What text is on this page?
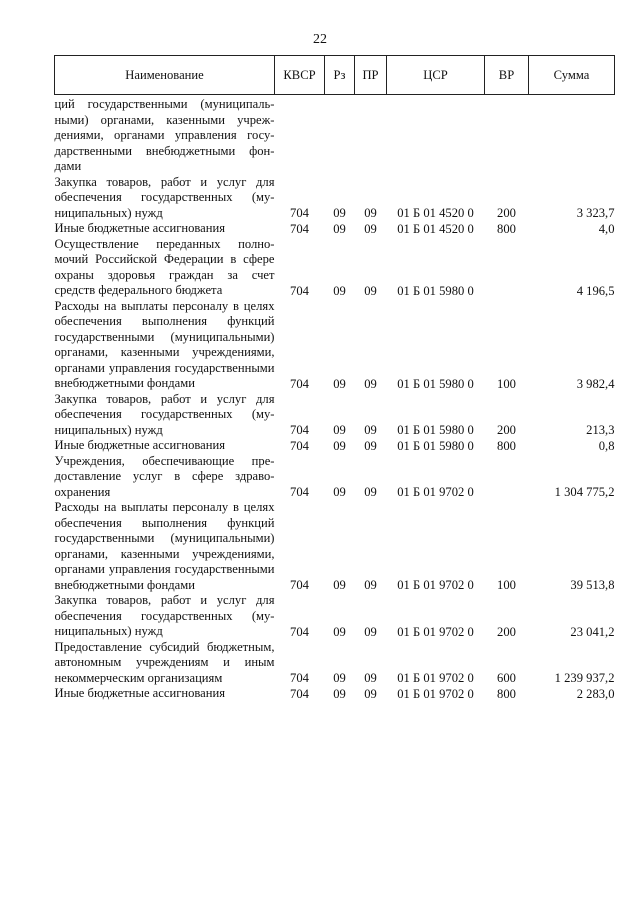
22
Наименование	КВСР	Рз	ПР	ЦСР	ВР	Сумма
ций государственными (муниципальными) органами, казенными учреждениями, органами управления государственными внебюджетными фондами						
Закупка товаров, работ и услуг для обеспечения государственных (муниципальных) нужд	704	09	09	01 Б 01 4520 0	200	3 323,7
Иные бюджетные ассигнования	704	09	09	01 Б 01 4520 0	800	4,0
Осуществление переданных полномочий Российской Федерации в сфере охраны здоровья граждан за счет средств федерального бюджета	704	09	09	01 Б 01 5980 0		4 196,5
Расходы на выплаты персоналу в целях обеспечения выполнения функций государственными (муниципальными) органами, казенными учреждениями, органами управления государственными внебюджетными фондами	704	09	09	01 Б 01 5980 0	100	3 982,4
Закупка товаров, работ и услуг для обеспечения государственных (муниципальных) нужд	704	09	09	01 Б 01 5980 0	200	213,3
Иные бюджетные ассигнования	704	09	09	01 Б 01 5980 0	800	0,8
Учреждения, обеспечивающие предоставление услуг в сфере здравоохранения	704	09	09	01 Б 01 9702 0		1 304 775,2
Расходы на выплаты персоналу в целях обеспечения выполнения функций государственными (муниципальными) органами, казенными учреждениями, органами управления государственными внебюджетными фондами	704	09	09	01 Б 01 9702 0	100	39 513,8
Закупка товаров, работ и услуг для обеспечения государственных (муниципальных) нужд	704	09	09	01 Б 01 9702 0	200	23 041,2
Предоставление субсидий бюджетным, автономным учреждениям и иным некоммерческим организациям	704	09	09	01 Б 01 9702 0	600	1 239 937,2
Иные бюджетные ассигнования	704	09	09	01 Б 01 9702 0	800	2 283,0
